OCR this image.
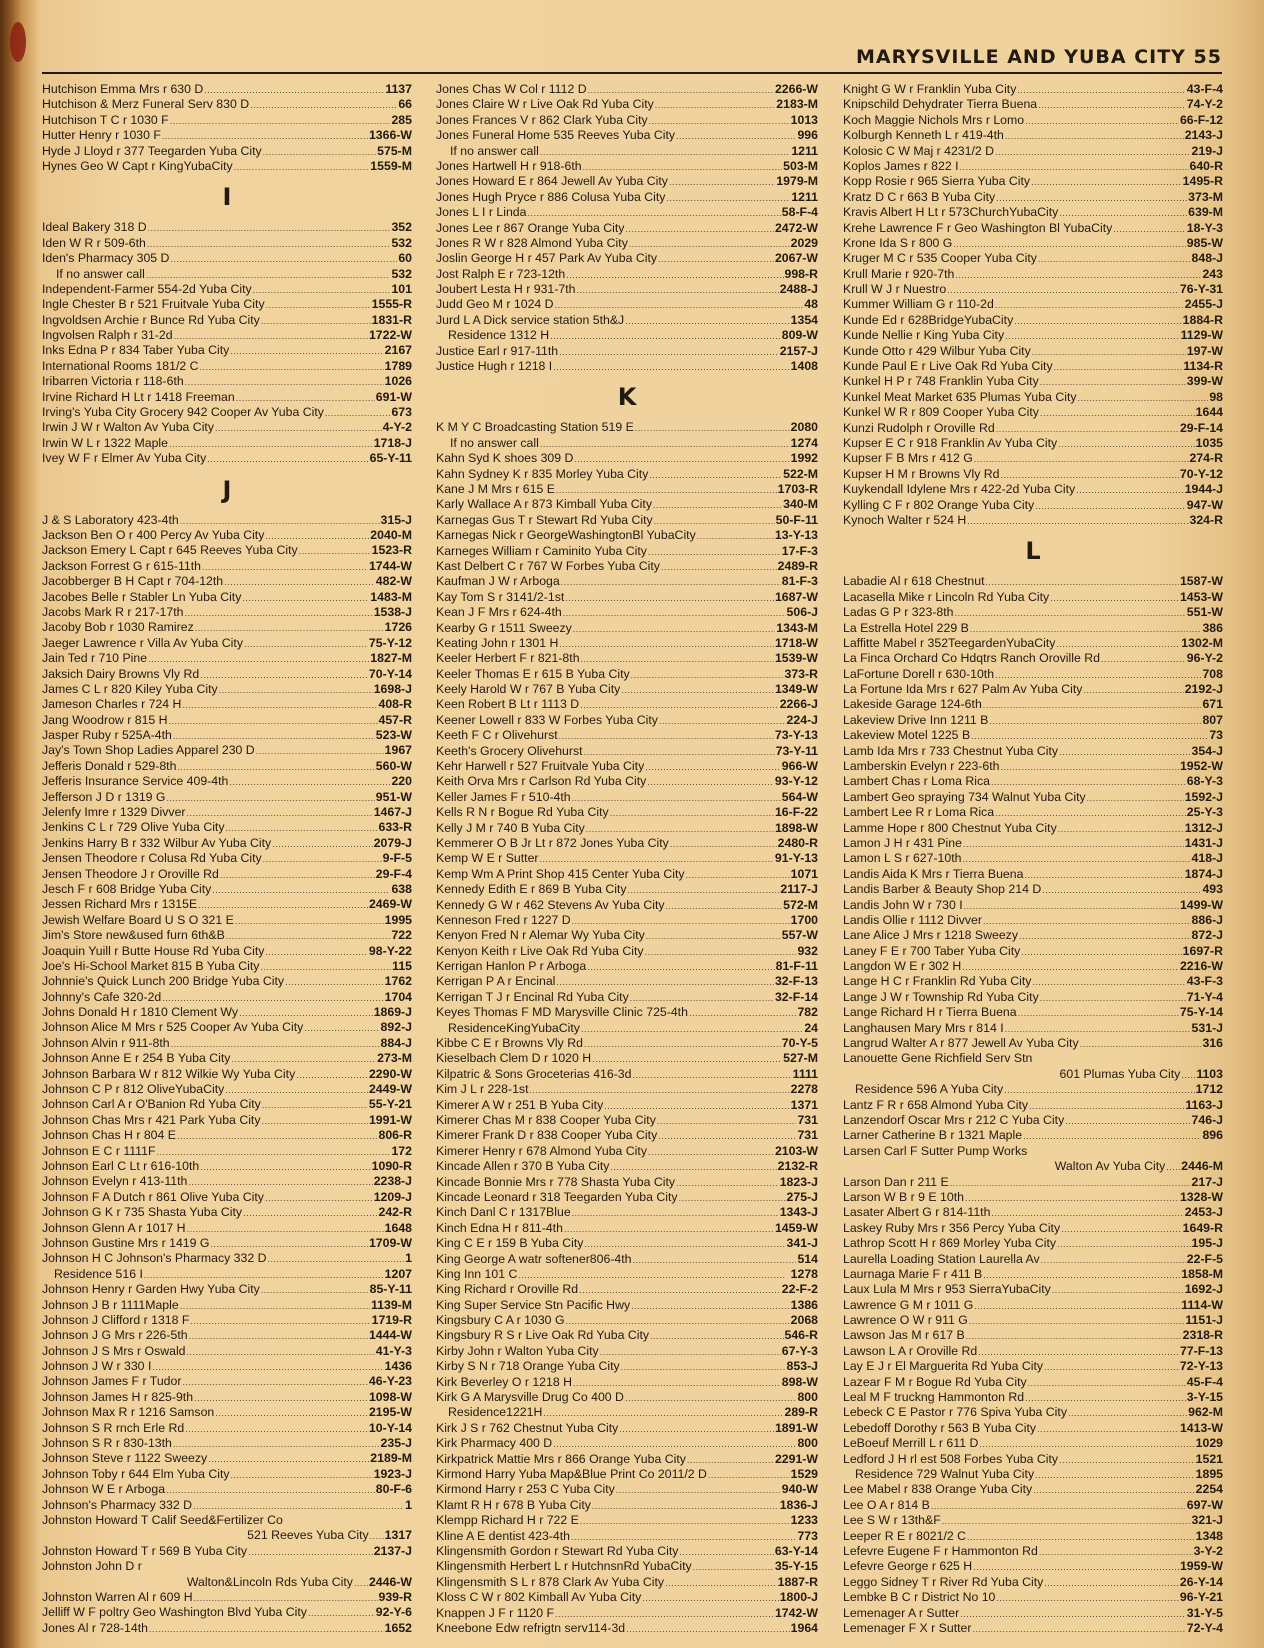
MARYSVILLE AND YUBA CITY 55
Hutchison Emma Mrs r 630 D . . .	1137
Hutchison & Merz Funeral Serv 830 D . . .	66
Hutchison T C r 1030 F . . .	285
Hutter Henry r 1030 F . . .	1366-W
Hyde J Lloyd r 377 Teegarden Yuba City . . .	575-M
Hynes Geo W Capt r KingYubaCity . . .	1559-M
I
Ideal Bakery 318 D . . .	352
Iden W R r 509-6th . . .	532
Iden's Pharmacy 305 D . . .	60
If no answer call . . .	532
Independent-Farmer 554-2d Yuba City . . .	101
Ingle Chester B r 521 Fruitvale Yuba City . . .	1555-R
Ingvoldsen Archie r Bunce Rd Yuba City . . .	1831-R
Ingvolsen Ralph r 31-2d . . .	1722-W
Inks Edna P r 834 Taber Yuba City . . .	2167
International Rooms 181/2 C . . .	1789
Iribarren Victoria r 118-6th . . .	1026
Irvine Richard H Lt r 1418 Freeman . . .	691-W
Irving's Yuba City Grocery 942 Cooper Av Yuba City . . .	673
Irwin J W r Walton Av Yuba City . . .	4-Y-2
Irwin W L r 1322 Maple . . .	1718-J
Ivey W F r Elmer Av Yuba City . . .	65-Y-11
J
J & S Laboratory 423-4th . . .	315-J
Jackson Ben O r 400 Percy Av Yuba City . . .	2040-M
Jackson Emery L Capt r 645 Reeves Yuba City . . .	1523-R
Jackson Forrest G r 615-11th . . .	1744-W
Jacobberger B H Capt r 704-12th . . .	482-W
Jacobes Belle r Stabler Ln Yuba City . . .	1483-M
Jacobs Mark R r 217-17th . . .	1538-J
Jacoby Bob r 1030 Ramirez . . .	1726
Jaeger Lawrence r Villa Av Yuba City . . .	75-Y-12
Jain Ted r 710 Pine . . .	1827-M
Jaksich Dairy Browns Vly Rd . . .	70-Y-14
James C L r 820 Kiley Yuba City . . .	1698-J
Jameson Charles r 724 H . . .	408-R
Jang Woodrow r 815 H . . .	457-R
Jasper Ruby r 525A-4th . . .	523-W
Jay's Town Shop Ladies Apparel 230 D . . .	1967
Jefferis Donald r 529-8th . . .	560-W
Jefferis Insurance Service 409-4th . . .	220
Jefferson J D r 1319 G . . .	951-W
Jelenfy Imre r 1329 Divver . . .	1467-J
Jenkins C L r 729 Olive Yuba City . . .	633-R
Jenkins Harry B r 332 Wilbur Av Yuba City . . .	2079-J
Jensen Theodore r Colusa Rd Yuba City . . .	9-F-5
Jensen Theodore J r Oroville Rd . . .	29-F-4
Jesch F r 608 Bridge Yuba City . . .	638
Jessen Richard Mrs r 1315E . . .	2469-W
Jewish Welfare Board U S O 321 E . . .	1995
Jim's Store new&used furn 6th&B . . .	722
Joaquin Yuill r Butte House Rd Yuba City . . .	98-Y-22
Joe's Hi-School Market 815 B Yuba City . . .	115
Johnnie's Quick Lunch 200 Bridge Yuba City . . .	1762
Johnny's Cafe 320-2d . . .	1704
Johns Donald H r 1810 Clement Wy . . .	1869-J
Johnson Alice M Mrs r 525 Cooper Av Yuba City . . .	892-J
Johnson Alvin r 911-8th . . .	884-J
Johnson Anne E r 254 B Yuba City . . .	273-M
Johnson Barbara W r 812 Wilkie Wy Yuba City . . .	2290-W
Johnson C P r 812 OliveYubaCity . . .	2449-W
Johnson Carl A r O'Banion Rd Yuba City . . .	55-Y-21
Johnson Chas Mrs r 421 Park Yuba City . . .	1991-W
Johnson Chas H r 804 E . . .	806-R
Johnson E C r 1111F . . .	172
Johnson Earl C Lt r 616-10th . . .	1090-R
Johnson Evelyn r 413-11th . . .	2238-J
Johnson F A Dutch r 861 Olive Yuba City . . .	1209-J
Johnson G K r 735 Shasta Yuba City . . .	242-R
Johnson Glenn A r 1017 H . . .	1648
Johnson Gustine Mrs r 1419 G . . .	1709-W
Johnson H C Johnson's Pharmacy 332 D . . .	1
Residence 516 I . . .	1207
Johnson Henry r Garden Hwy Yuba City . . .	85-Y-11
Johnson J B r 1111Maple . . .	1139-M
Johnson J Clifford r 1318 F . . .	1719-R
Johnson J G Mrs r 226-5th . . .	1444-W
Johnson J S Mrs r Oswald . . .	41-Y-3
Johnson J W r 330 I . . .	1436
Johnson James F r Tudor . . .	46-Y-23
Johnson James H r 825-9th . . .	1098-W
Johnson Max R r 1216 Samson . . .	2195-W
Johnson S R rnch Erle Rd . . .	10-Y-14
Johnson S R r 830-13th . . .	235-J
Johnson Steve r 1122 Sweezy . . .	2189-M
Johnson Toby r 644 Elm Yuba City . . .	1923-J
Johnson W E r Arboga . . .	80-F-6
Johnson's Pharmacy 332 D . . .	1
Johnston Howard T Calif Seed&Fertilizer Co
521 Reeves Yuba City . . . 1317
Johnston Howard T r 569 B Yuba City . . .	2137-J
Johnston John D r
Walton&Lincoln Rds Yuba City . . . 2446-W
Johnston Warren Al r 609 H . . .	939-R
Jelliff W F poltry Geo Washington Blvd Yuba City . . .	92-Y-6
Jones Al r 728-14th . . .	1652
Jones Chas W Col r 1112 D . . .	2266-W
Jones Claire W r Live Oak Rd Yuba City . . .	2183-M
Jones Frances V r 862 Clark Yuba City . . .	1013
Jones Funeral Home 535 Reeves Yuba City . . .	996
If no answer call . . .	1211
Jones Hartwell H r 918-6th . . .	503-M
Jones Howard E r 864 Jewell Av Yuba City . . .	1979-M
Jones Hugh Pryce r 886 Colusa Yuba City . . .	1211
Jones L I r Linda . . .	58-F-4
Jones Lee r 867 Orange Yuba City . . .	2472-W
Jones R W r 828 Almond Yuba City . . .	2029
Joslin George H r 457 Park Av Yuba City . . .	2067-W
Jost Ralph E r 723-12th . . .	998-R
Joubert Lesta H r 931-7th . . .	2488-J
Judd Geo M r 1024 D . . .	48
Jurd L A Dick service station 5th&J . . .	1354
Residence 1312 H . . .	809-W
Justice Earl r 917-11th . . .	2157-J
Justice Hugh r 1218 I . . .	1408
K
K M Y C Broadcasting Station 519 E . . .	2080
If no answer call . . .	1274
Kahn Syd K shoes 309 D . . .	1992
Kahn Sydney K r 835 Morley Yuba City . . .	522-M
Kane J M Mrs r 615 E . . .	1703-R
Karly Wallace A r 873 Kimball Yuba City . . .	340-M
Karnegas Gus T r Stewart Rd Yuba City . . .	50-F-11
Karnegas Nick r GeorgeWashingtonBl YubaCity . . .	13-Y-13
Karneges William r Caminito Yuba City . . .	17-F-3
Kast Delbert C r 767 W Forbes Yuba City . . .	2489-R
Kaufman J W r Arboga . . .	81-F-3
Kay Tom S r 3141/2-1st . . .	1687-W
Kean J F Mrs r 624-4th . . .	506-J
Kearby G r 1511 Sweezy . . .	1343-M
Keating John r 1301 H . . .	1718-W
Keeler Herbert F r 821-8th . . .	1539-W
Keeler Thomas E r 615 B Yuba City . . .	373-R
Keely Harold W r 767 B Yuba City . . .	1349-W
Keen Robert B Lt r 1113 D . . .	2266-J
Keener Lowell r 833 W Forbes Yuba City . . .	224-J
Keeth F C r Olivehurst . . .	73-Y-13
Keeth's Grocery Olivehurst . . .	73-Y-11
Kehr Harwell r 527 Fruitvale Yuba City . . .	966-W
Keith Orva Mrs r Carlson Rd Yuba City . . .	93-Y-12
Keller James F r 510-4th . . .	564-W
Kells R N r Bogue Rd Yuba City . . .	16-F-22
Kelly J M r 740 B Yuba City . . .	1898-W
Kemmerer O B Jr Lt r 872 Jones Yuba City . . .	2480-R
Kemp W E r Sutter . . .	91-Y-13
Kemp Wm A Print Shop 415 Center Yuba City . . .	1071
Kennedy Edith E r 869 B Yuba City . . .	2117-J
Kennedy G W r 462 Stevens Av Yuba City . . .	572-M
Kenneson Fred r 1227 D . . .	1700
Kenyon Fred N r Alemar Wy Yuba City . . .	557-W
Kenyon Keith r Live Oak Rd Yuba City . . .	932
Kerrigan Hanlon P r Arboga . . .	81-F-11
Kerrigan P A r Encinal . . .	32-F-13
Kerrigan T J r Encinal Rd Yuba City . . .	32-F-14
Keyes Thomas F MD Marysville Clinic 725-4th . . .	782
ResidenceKingYubaCity . . .	24
Kibbe C E r Browns Vly Rd . . .	70-Y-5
Kieselbach Clem D r 1020 H . . .	527-M
Kilpatric & Sons Groceterias 416-3d . . .	1111
Kim J L r 228-1st . . .	2278
Kimerer A W r 251 B Yuba City . . .	1371
Kimerer Chas M r 838 Cooper Yuba City . . .	731
Kimerer Frank D r 838 Cooper Yuba City . . .	731
Kimerer Henry r 678 Almond Yuba City . . .	2103-W
Kincade Allen r 370 B Yuba City . . .	2132-R
Kincade Bonnie Mrs r 778 Shasta Yuba City . . .	1823-J
Kincade Leonard r 318 Teegarden Yuba City . . .	275-J
Kinch Danl C r 1317Blue . . .	1343-J
Kinch Edna H r 811-4th . . .	1459-W
King C E r 159 B Yuba City . . .	341-J
King George A watr softener806-4th . . .	514
King Inn 101 C . . .	1278
King Richard r Oroville Rd . . .	22-F-2
King Super Service Stn Pacific Hwy . . .	1386
Kingsbury C A r 1030 G . . .	2068
Kingsbury R S r Live Oak Rd Yuba City . . .	546-R
Kirby John r Walton Yuba City . . .	67-Y-3
Kirby S N r 718 Orange Yuba City . . .	853-J
Kirk Beverley O r 1218 H . . .	898-W
Kirk G A Marysville Drug Co 400 D . . .	800
Residence1221H . . .	289-R
Kirk J S r 762 Chestnut Yuba City . . .	1891-W
Kirk Pharmacy 400 D . . .	800
Kirkpatrick Mattie Mrs r 866 Orange Yuba City . . .	2291-W
Kirmond Harry Yuba Map&Blue Print Co 2011/2 D . . .	1529
Kirmond Harry r 253 C Yuba City . . .	940-W
Klamt R H r 678 B Yuba City . . .	1836-J
Klempp Richard H r 722 E . . .	1233
Kline A E dentist 423-4th . . .	773
Klingensmith Gordon r Stewart Rd Yuba City . . .	63-Y-14
Klingensmith Herbert L r HutchnsnRd YubaCity . . .	35-Y-15
Klingensmith S L r 878 Clark Av Yuba City . . .	1887-R
Kloss C W r 802 Kimball Av Yuba City . . .	1800-J
Knappen J F r 1120 F . . .	1742-W
Kneebone Edw refrigtn serv114-3d . . .	1964
Knight G W r Franklin Yuba City . . .	43-F-4
Knipschild Dehydrater Tierra Buena . . .	74-Y-2
Koch Maggie Nichols Mrs r Lomo . . .	66-F-12
Kolburgh Kenneth L r 419-4th . . .	2143-J
Kolosic C W Maj r 4231/2 D . . .	219-J
Koplos James r 822 I . . .	640-R
Kopp Rosie r 965 Sierra Yuba City . . .	1495-R
Kratz D C r 663 B Yuba City . . .	373-M
Kravis Albert H Lt r 573ChurchYubaCity . . .	639-M
Krehe Lawrence F r Geo Washington Bl YubaCity . . .	18-Y-3
Krone Ida S r 800 G . . .	985-W
Kruger M C r 535 Cooper Yuba City . . .	848-J
Krull Marie r 920-7th . . .	243
Krull W J r Nuestro . . .	76-Y-31
Kummer William G r 110-2d . . .	2455-J
Kunde Ed r 628BridgeYubaCity . . .	1884-R
Kunde Nellie r King Yuba City . . .	1129-W
Kunde Otto r 429 Wilbur Yuba City . . .	197-W
Kunde Paul E r Live Oak Rd Yuba City . . .	1134-R
Kunkel H P r 748 Franklin Yuba City . . .	399-W
Kunkel Meat Market 635 Plumas Yuba City . . .	98
Kunkel W R r 809 Cooper Yuba City . . .	1644
Kunzi Rudolph r Oroville Rd . . .	29-F-14
Kupser E C r 918 Franklin Av Yuba City . . .	1035
Kupser F B Mrs r 412 G . . .	274-R
Kupser H M r Browns Vly Rd . . .	70-Y-12
Kuykendall Idylene Mrs r 422-2d Yuba City . . .	1944-J
Kylling C F r 802 Orange Yuba City . . .	947-W
Kynoch Walter r 524 H . . .	324-R
L
Labadie Al r 618 Chestnut . . .	1587-W
Lacasella Mike r Lincoln Rd Yuba City . . .	1453-W
Ladas G P r 323-8th . . .	551-W
La Estrella Hotel 229 B . . .	386
Laffitte Mabel r 352TeegardenYubaCity . . .	1302-M
La Finca Orchard Co Hdqtrs Ranch Oroville Rd . . .	96-Y-2
LaFortune Dorell r 630-10th . . .	708
La Fortune Ida Mrs r 627 Palm Av Yuba City . . .	2192-J
Lakeside Garage 124-6th . . .	671
Lakeview Drive Inn 1211 B . . .	807
Lakeview Motel 1225 B . . .	73
Lamb Ida Mrs r 733 Chestnut Yuba City . . .	354-J
Lamberskin Evelyn r 223-6th . . .	1952-W
Lambert Chas r Loma Rica . . .	68-Y-3
Lambert Geo spraying 734 Walnut Yuba City . . .	1592-J
Lambert Lee R r Loma Rica . . .	25-Y-3
Lamme Hope r 800 Chestnut Yuba City . . .	1312-J
Lamon J H r 431 Pine . . .	1431-J
Lamon L S r 627-10th . . .	418-J
Landis Aida K Mrs r Tierra Buena . . .	1874-J
Landis Barber & Beauty Shop 214 D . . .	493
Landis John W r 730 I . . .	1499-W
Landis Ollie r 1112 Divver . . .	886-J
Lane Alice J Mrs r 1218 Sweezy . . .	872-J
Laney F E r 700 Taber Yuba City . . .	1697-R
Langdon W E r 302 H . . .	2216-W
Lange H C r Franklin Rd Yuba City . . .	43-F-3
Lange J W r Township Rd Yuba City . . .	71-Y-4
Lange Richard H r Tierra Buena . . .	75-Y-14
Langhausen Mary Mrs r 814 I . . .	531-J
Langrud Walter A r 877 Jewell Av Yuba City . . .	316
Lanouette Gene Richfield Serv Stn
601 Plumas Yuba City . . . 1103
Residence 596 A Yuba City . . .	1712
Lantz F R r 658 Almond Yuba City . . .	1163-J
Lanzendorf Oscar Mrs r 212 C Yuba City . . .	746-J
Larner Catherine B r 1321 Maple . . .	896
Larsen Carl F Sutter Pump Works
Walton Av Yuba City . . . 2446-M
Larson Dan r 211 E . . .	217-J
Larson W B r 9 E 10th . . .	1328-W
Lasater Albert G r 814-11th . . .	2453-J
Laskey Ruby Mrs r 356 Percy Yuba City . . .	1649-R
Lathrop Scott H r 869 Morley Yuba City . . .	195-J
Laurella Loading Station Laurella Av . . .	22-F-5
Laurnaga Marie F r 411 B . . .	1858-M
Laux Lula M Mrs r 953 SierraYubaCity . . .	1692-J
Lawrence G M r 1011 G . . .	1114-W
Lawrence O W r 911 G . . .	1151-J
Lawson Jas M r 617 B . . .	2318-R
Lawson L A r Oroville Rd . . .	77-F-13
Lay E J r El Marguerita Rd Yuba City . . .	72-Y-13
Lazear F M r Bogue Rd Yuba City . . .	45-F-4
Leal M F truckng Hammonton Rd . . .	3-Y-15
Lebeck C E Pastor r 776 Spiva Yuba City . . .	962-M
Lebedoff Dorothy r 563 B Yuba City . . .	1413-W
LeBoeuf Merrill L r 611 D . . .	1029
Ledford J H rl est 508 Forbes Yuba City . . .	1521
Residence 729 Walnut Yuba City . . .	1895
Lee Mabel r 838 Orange Yuba City . . .	2254
Lee O A r 814 B . . .	697-W
Lee S W r 13th&F . . .	321-J
Leeper R E r 8021/2 C . . .	1348
Lefevre Eugene F r Hammonton Rd . . .	3-Y-2
Lefevre George r 625 H . . .	1959-W
Leggo Sidney T r River Rd Yuba City . . .	26-Y-14
Lembke B C r District No 10 . . .	96-Y-21
Lemenager A r Sutter . . .	31-Y-5
Lemenager F X r Sutter . . .	72-Y-4
